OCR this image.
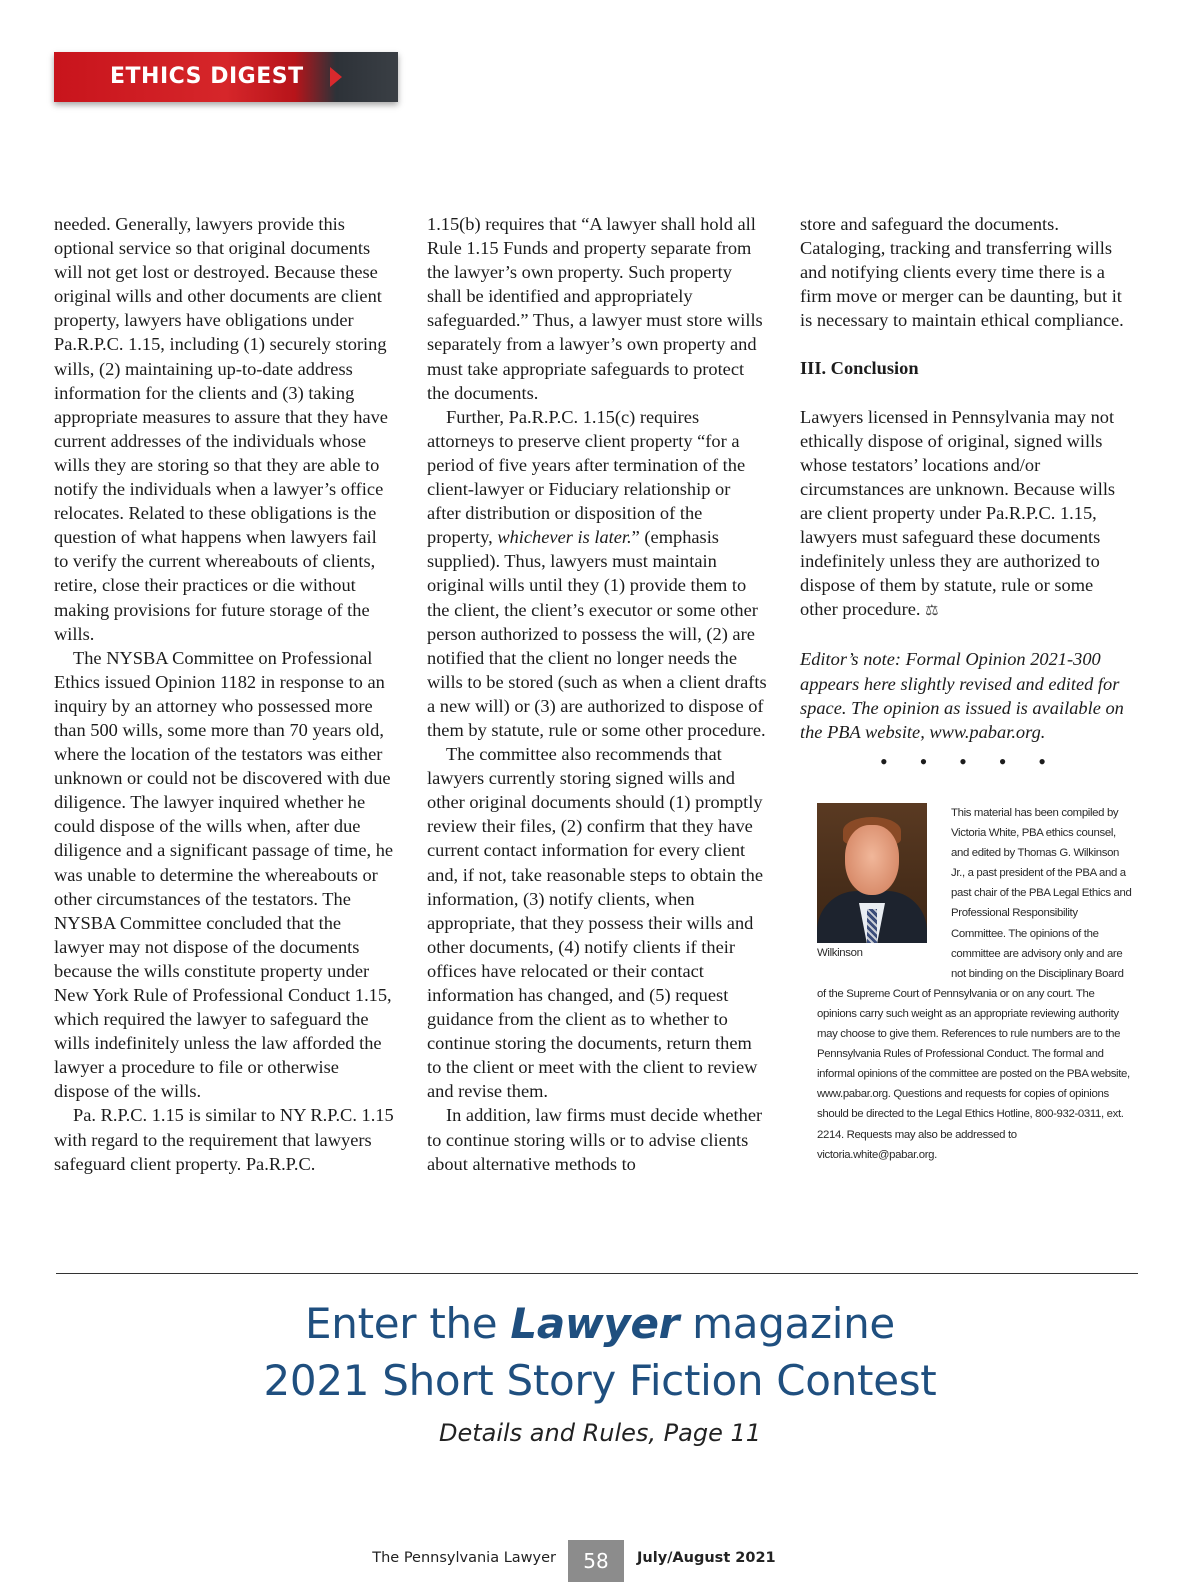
ETHICS DIGEST

needed. Generally, lawyers provide this optional service so that original documents will not get lost or destroyed. Because these original wills and other documents are client property, lawyers have obligations under Pa.R.P.C. 1.15, including (1) securely storing wills, (2) maintaining up-to-date address information for the clients and (3) taking appropriate measures to assure that they have current addresses of the individuals whose wills they are storing so that they are able to notify the individuals when a lawyer’s office relocates. Related to these obligations is the question of what happens when lawyers fail to verify the current whereabouts of clients, retire, close their practices or die without making provisions for future storage of the wills.

The NYSBA Committee on Professional Ethics issued Opinion 1182 in response to an inquiry by an attorney who possessed more than 500 wills, some more than 70 years old, where the location of the testators was either unknown or could not be discovered with due diligence. The lawyer inquired whether he could dispose of the wills when, after due diligence and a significant passage of time, he was unable to determine the whereabouts or other circumstances of the testators. The NYSBA Committee concluded that the lawyer may not dispose of the documents because the wills constitute property under New York Rule of Professional Conduct 1.15, which required the lawyer to safeguard the wills indefinitely unless the law afforded the lawyer a procedure to file or otherwise dispose of the wills.

Pa. R.P.C. 1.15 is similar to NY R.P.C. 1.15 with regard to the requirement that lawyers safeguard client property. Pa.R.P.C.

1.15(b) requires that “A lawyer shall hold all Rule 1.15 Funds and property separate from the lawyer’s own property. Such property shall be identified and appropriately safeguarded.” Thus, a lawyer must store wills separately from a lawyer’s own property and must take appropriate safeguards to protect the documents.

Further, Pa.R.P.C. 1.15(c) requires attorneys to preserve client property “for a period of five years after termination of the client-lawyer or Fiduciary relationship or after distribution or disposition of the property, whichever is later.” (emphasis supplied). Thus, lawyers must maintain original wills until they (1) provide them to the client, the client’s executor or some other person authorized to possess the will, (2) are notified that the client no longer needs the wills to be stored (such as when a client drafts a new will) or (3) are authorized to dispose of them by statute, rule or some other procedure.

The committee also recommends that lawyers currently storing signed wills and other original documents should (1) promptly review their files, (2) confirm that they have current contact information for every client and, if not, take reasonable steps to obtain the information, (3) notify clients, when appropriate, that they possess their wills and other documents, (4) notify clients if their offices have relocated or their contact information has changed, and (5) request guidance from the client as to whether to continue storing the documents, return them to the client or meet with the client to review and revise them.

In addition, law firms must decide whether to continue storing wills or to advise clients about alternative methods to

store and safeguard the documents. Cataloging, tracking and transferring wills and notifying clients every time there is a firm move or merger can be daunting, but it is necessary to maintain ethical compliance.

III. Conclusion

Lawyers licensed in Pennsylvania may not ethically dispose of original, signed wills whose testators’ locations and/or circumstances are unknown. Because wills are client property under Pa.R.P.C. 1.15, lawyers must safeguard these documents indefinitely unless they are authorized to dispose of them by statute, rule or some other procedure. ⚖

Editor’s note: Formal Opinion 2021-300 appears here slightly revised and edited for space. The opinion as issued is available on the PBA website, www.pabar.org.

• • • • •
Wilkinson
This material has been compiled by Victoria White, PBA ethics counsel, and edited by Thomas G. Wilkinson Jr., a past president of the PBA and a past chair of the PBA Legal Ethics and Professional Responsibility Committee. The opinions of the committee are advisory only and are not binding on the Disciplinary Board of the Supreme Court of Pennsylvania or on any court. The opinions carry such weight as an appropriate reviewing authority may choose to give them. References to rule numbers are to the Pennsylvania Rules of Professional Conduct. The formal and informal opinions of the committee are posted on the PBA website, www.pabar.org. Questions and requests for copies of opinions should be directed to the Legal Ethics Hotline, 800-932-0311, ext. 2214. Requests may also be addressed to victoria.white@pabar.org.
Enter the Lawyer magazine
2021 Short Story Fiction Contest
Details and Rules, Page 11
The Pennsylvania Lawyer	58	July/August 2021
